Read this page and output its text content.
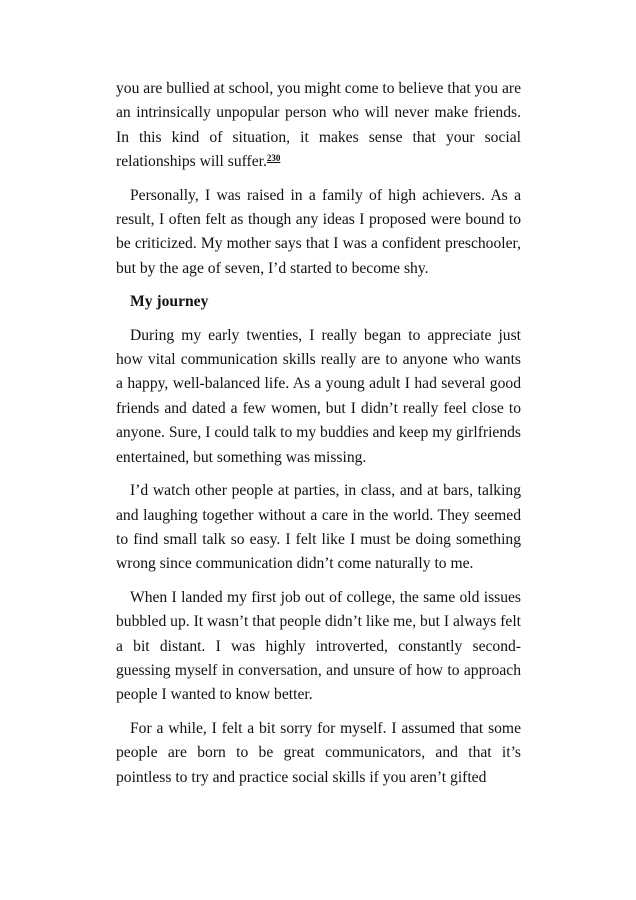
you are bullied at school, you might come to believe that you are an intrinsically unpopular person who will never make friends. In this kind of situation, it makes sense that your social relationships will suffer.$^{230}$

Personally, I was raised in a family of high achievers. As a result, I often felt as though any ideas I proposed were bound to be criticized. My mother says that I was a confident preschooler, but by the age of seven, I’d started to become shy.

My journey

During my early twenties, I really began to appreciate just how vital communication skills really are to anyone who wants a happy, well-balanced life. As a young adult I had several good friends and dated a few women, but I didn’t really feel close to anyone. Sure, I could talk to my buddies and keep my girlfriends entertained, but something was missing.

I’d watch other people at parties, in class, and at bars, talking and laughing together without a care in the world. They seemed to find small talk so easy. I felt like I must be doing something wrong since communication didn’t come naturally to me.

When I landed my first job out of college, the same old issues bubbled up. It wasn’t that people didn’t like me, but I always felt a bit distant. I was highly introverted, constantly second-guessing myself in conversation, and unsure of how to approach people I wanted to know better.

For a while, I felt a bit sorry for myself. I assumed that some people are born to be great communicators, and that it’s pointless to try and practice social skills if you aren’t gifted
